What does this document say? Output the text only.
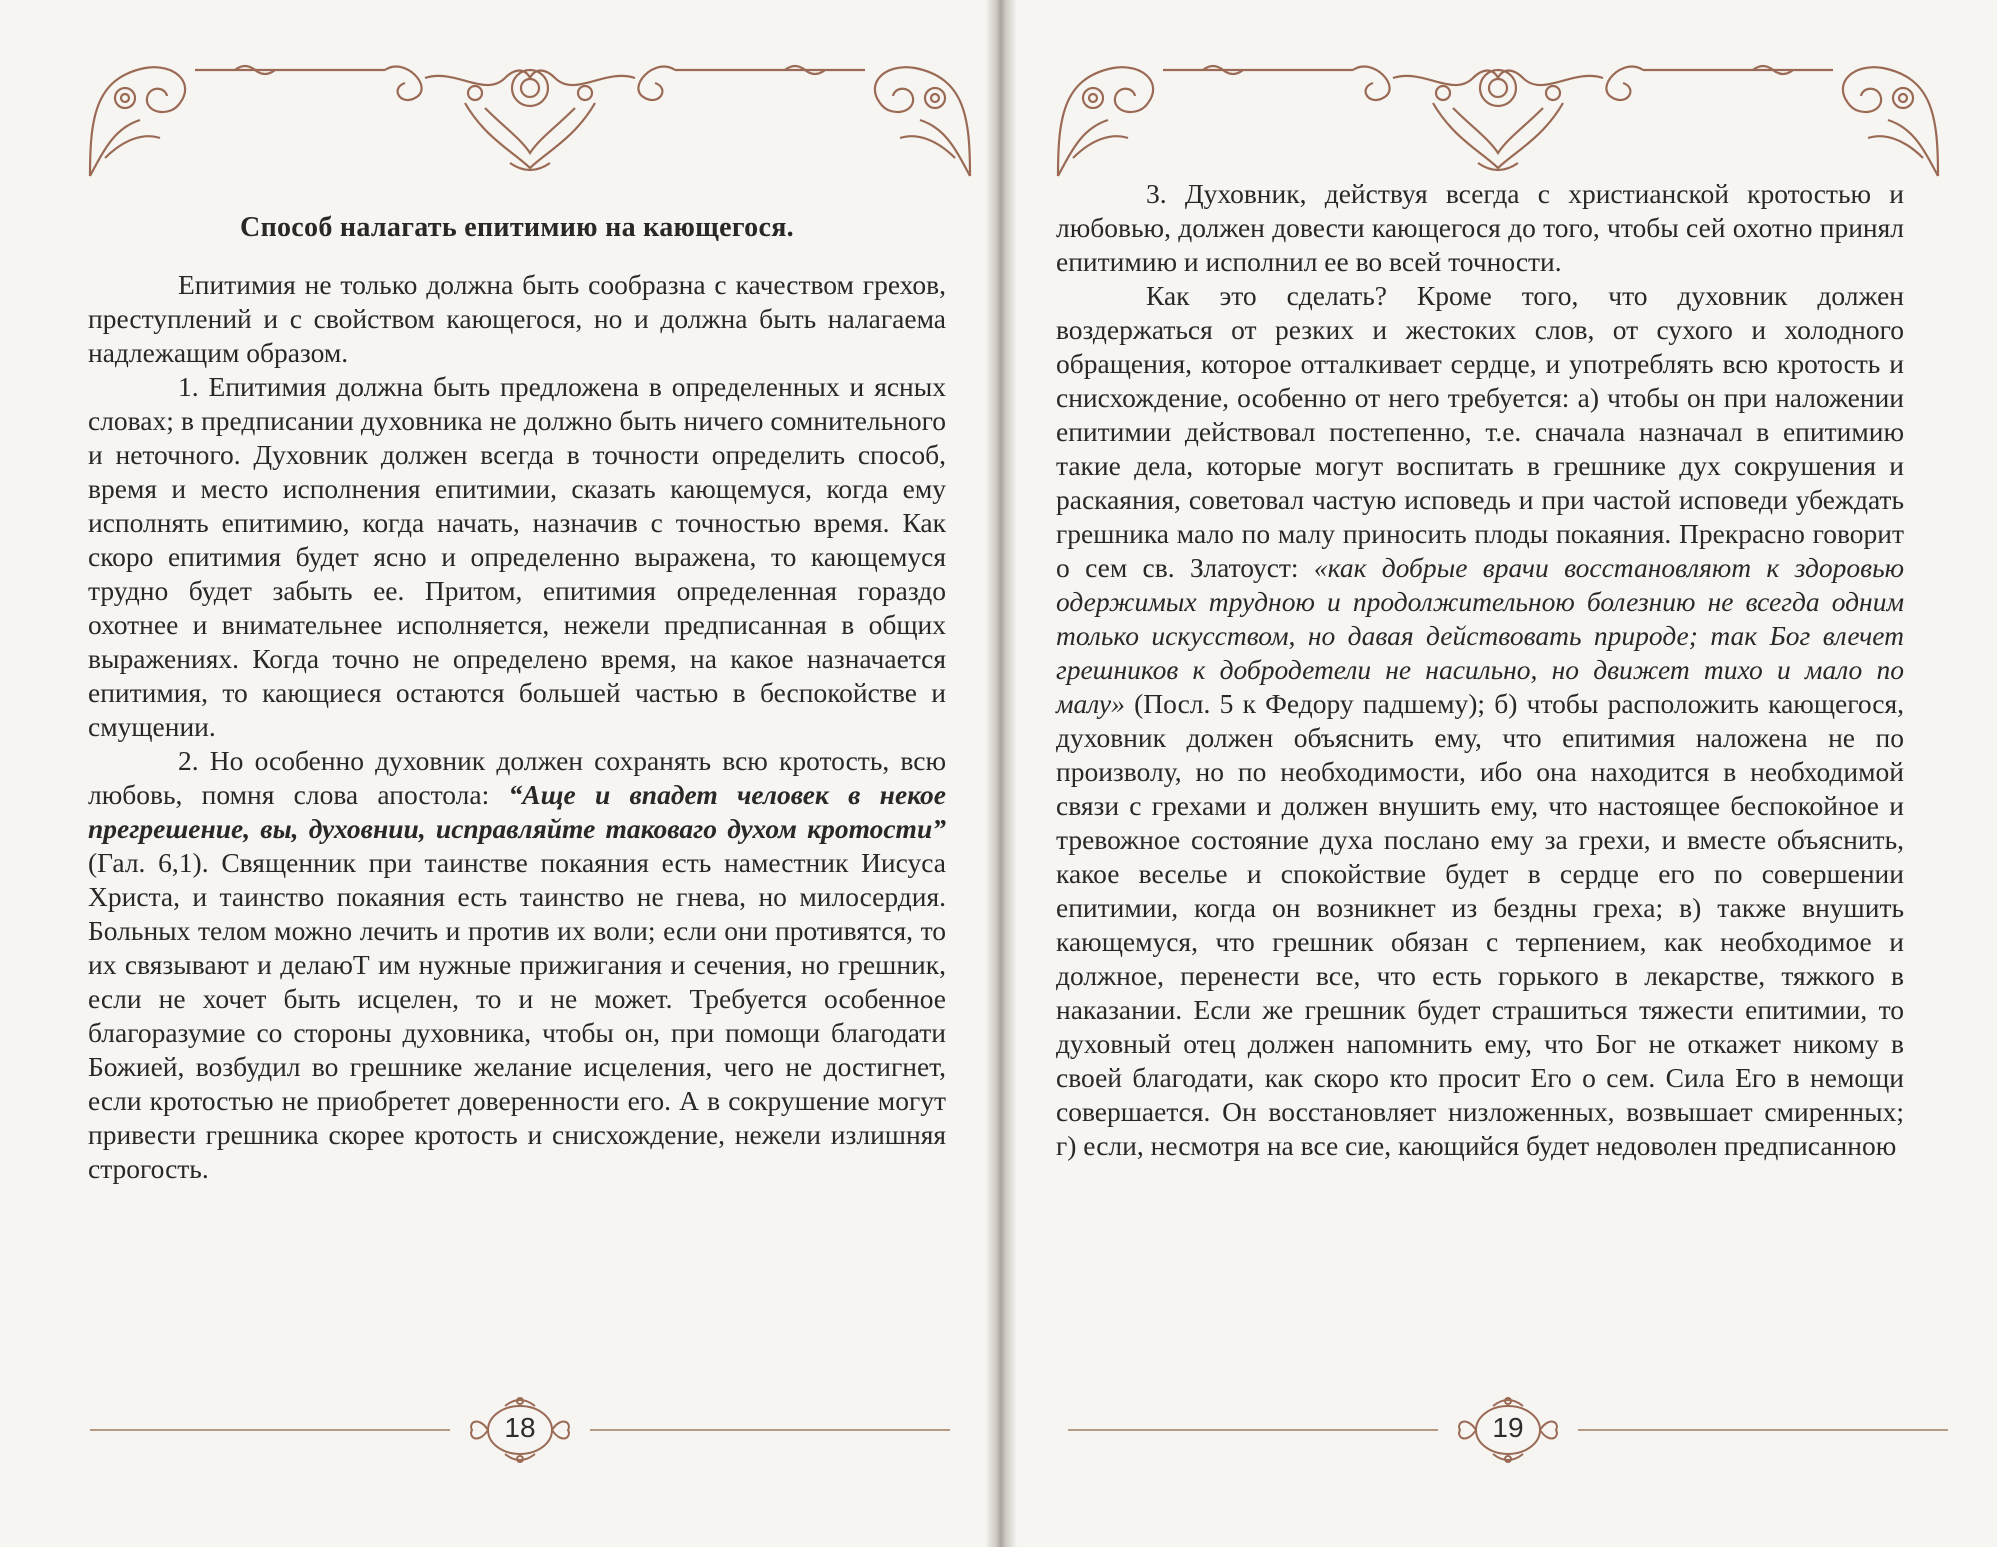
Способ налагать епитимию на кающегося.

Епитимия не только должна быть сообразна с качеством грехов, преступлений и с свойством кающегося, но и должна быть налагаема надлежащим образом.

1. Епитимия должна быть предложена в определенных и ясных словах; в предписании духовника не должно быть ничего сомнительного и неточного. Духовник должен всегда в точности определить способ, время и место исполнения епитимии, сказать кающемуся, когда ему исполнять епитимию, когда начать, назначив с точностью время. Как скоро епитимия будет ясно и определенно выражена, то кающемуся трудно будет забыть ее. Притом, епитимия определенная гораздо охотнее и внимательнее исполняется, нежели предписанная в общих выражениях. Когда точно не определено время, на какое назначается епитимия, то кающиеся остаются большей частью в беспокойстве и смущении.

2. Но особенно духовник должен сохранять всю кротость, всю любовь, помня слова апостола: “Аще и впадет человек в некое прегрешение, вы, духовнии, исправляйте таковаго духом кротости” (Гал. 6,1). Священник при таинстве покаяния есть наместник Иисуса Христа, и таинство покаяния есть таинство не гнева, но милосердия. Больных телом можно лечить и против их воли; если они противятся, то их связывают и делаюТ им нужные прижигания и сечения, но грешник, если не хочет быть исцелен, то и не может. Требуется особенное благоразумие со стороны духовника, чтобы он, при помощи благодати Божией, возбудил во грешнике желание исцеления, чего не достигнет, если кротостью не приобретет доверенности его. А в сокрушение могут привести грешника скорее кротость и снисхождение, нежели излишняя строгость.

18

3. Духовник, действуя всегда с христианской кротостью и любовью, должен довести кающегося до того, чтобы сей охотно принял епитимию и исполнил ее во всей точности.

Как это сделать? Кроме того, что духовник должен воздержаться от резких и жестоких слов, от сухого и холодного обращения, которое отталкивает сердце, и употреблять всю кротость и снисхождение, особенно от него требуется: а) чтобы он при наложении епитимии действовал постепенно, т.е. сначала назначал в епитимию такие дела, которые могут воспитать в грешнике дух сокрушения и раскаяния, советовал частую исповедь и при частой исповеди убеждать грешника мало по малу приносить плоды покаяния. Прекрасно говорит о сем св. Златоуст: «как добрые врачи восстановляют к здоровью одержимых трудною и продолжительною болезнию не всегда одним только искусством, но давая действовать природе; так Бог влечет грешников к добродетели не насильно, но движет тихо и мало по малу» (Посл. 5 к Федору падшему); б) чтобы расположить кающегося, духовник должен объяснить ему, что епитимия наложена не по произволу, но по необходимости, ибо она находится в необходимой связи с грехами и должен внушить ему, что настоящее беспокойное и тревожное состояние духа послано ему за грехи, и вместе объяснить, какое веселье и спокойствие будет в сердце его по совершении епитимии, когда он возникнет из бездны греха; в) также внушить кающемуся, что грешник обязан с терпением, как необходимое и должное, перенести все, что есть горького в лекарстве, тяжкого в наказании. Если же грешник будет страшиться тяжести епитимии, то духовный отец должен напомнить ему, что Бог не откажет никому в своей благодати, как скоро кто просит Его о сем. Сила Его в немощи совершается. Он восстановляет низложенных, возвышает смиренных; г) если, несмотря на все сие, кающийся будет недоволен предписанною

19
